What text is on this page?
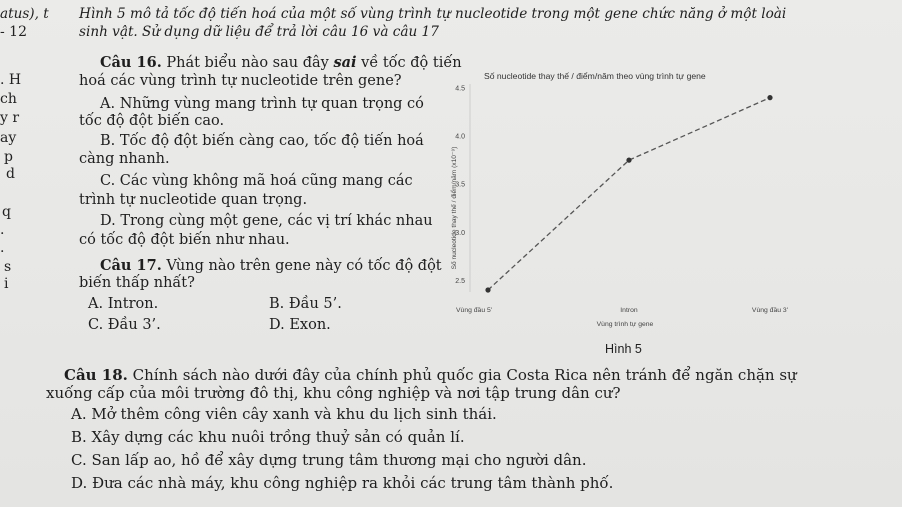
atus), t
- 12
. H
ch
y r
ay
p
d
q
.
.
s
i
Hình 5 mô tả tốc độ tiến hoá của một số vùng trình tự nucleotide trong một gene chức năng ở một loài
sinh vật. Sử dụng dữ liệu để trả lời câu 16 và câu 17
Câu 16. Phát biểu nào sau đây sai về tốc độ tiến
hoá các vùng trình tự nucleotide trên gene?
A. Những vùng mang trình tự quan trọng có
tốc độ đột biến cao.
B. Tốc độ đột biến càng cao, tốc độ tiến hoá
càng nhanh.
C. Các vùng không mã hoá cũng mang các
trình tự nucleotide quan trọng.
D. Trong cùng một gene, các vị trí khác nhau
có tốc độ đột biến như nhau.
Câu 17. Vùng nào trên gene này có tốc độ đột
biến thấp nhất?
A. Intron.	B. Đầu 5’.
C. Đầu 3’.	D. Exon.
Số nucleotide thay thế / điểm/năm theo vùng trình tự gene
2.5
3.0
3.5
4.0
4.5
Số nucleotide thay thế / điểm/năm (x10⁻⁹)
Vùng đầu 5'	Intron	Vùng đầu 3'
Vùng trình tự gene
Hình 5
Câu 18. Chính sách nào dưới đây của chính phủ quốc gia Costa Rica nên tránh để ngăn chặn sự
xuống cấp của môi trường đô thị, khu công nghiệp và nơi tập trung dân cư?
A. Mở thêm công viên cây xanh và khu du lịch sinh thái.
B. Xây dựng các khu nuôi trồng thuỷ sản có quản lí.
C. San lấp ao, hồ để xây dựng trung tâm thương mại cho người dân.
D. Đưa các nhà máy, khu công nghiệp ra khỏi các trung tâm thành phố.
